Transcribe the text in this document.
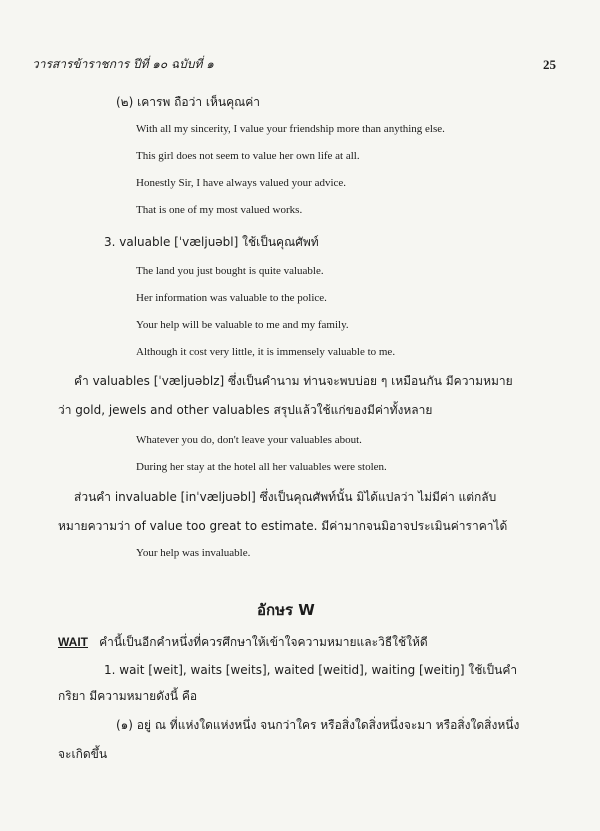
วารสารข้าราชการ ปีที่ ๑๐ ฉบับที่ ๑	25
(๒) เคารพ ถือว่า เห็นคุณค่า
With all my sincerity, I value your friendship more than anything else.
This girl does not seem to value her own life at all.
Honestly Sir, I have always valued your advice.
That is one of my most valued works.
3. valuable [ˈvæljuəbl] ใช้เป็นคุณศัพท์
The land you just bought is quite valuable.
Her information was valuable to the police.
Your help will be valuable to me and my family.
Although it cost very little, it is immensely valuable to me.
คำ valuables [ˈvæljuəblz] ซึ่งเป็นคำนาม ท่านจะพบบ่อย ๆ เหมือนกัน มีความหมาย
ว่า gold, jewels and other valuables สรุปแล้วใช้แก่ของมีค่าทั้งหลาย
Whatever you do, don't leave your valuables about.
During her stay at the hotel all her valuables were stolen.
ส่วนคำ invaluable [inˈvæljuəbl] ซึ่งเป็นคุณศัพท์นั้น มิได้แปลว่า ไม่มีค่า แต่กลับ
หมายความว่า of value too great to estimate. มีค่ามากจนมิอาจประเมินค่าราคาได้
Your help was invaluable.
อักษร W
WAIT คำนี้เป็นอีกคำหนึ่งที่ควรศึกษาให้เข้าใจความหมายและวิธีใช้ให้ดี
1. wait [weit], waits [weits], waited [weitid], waiting [weitiŋ] ใช้เป็นคำ
กริยา มีความหมายดังนี้ คือ
(๑) อยู่ ณ ที่แห่งใดแห่งหนึ่ง จนกว่าใคร หรือสิ่งใดสิ่งหนึ่งจะมา หรือสิ่งใดสิ่งหนึ่ง
จะเกิดขึ้น
